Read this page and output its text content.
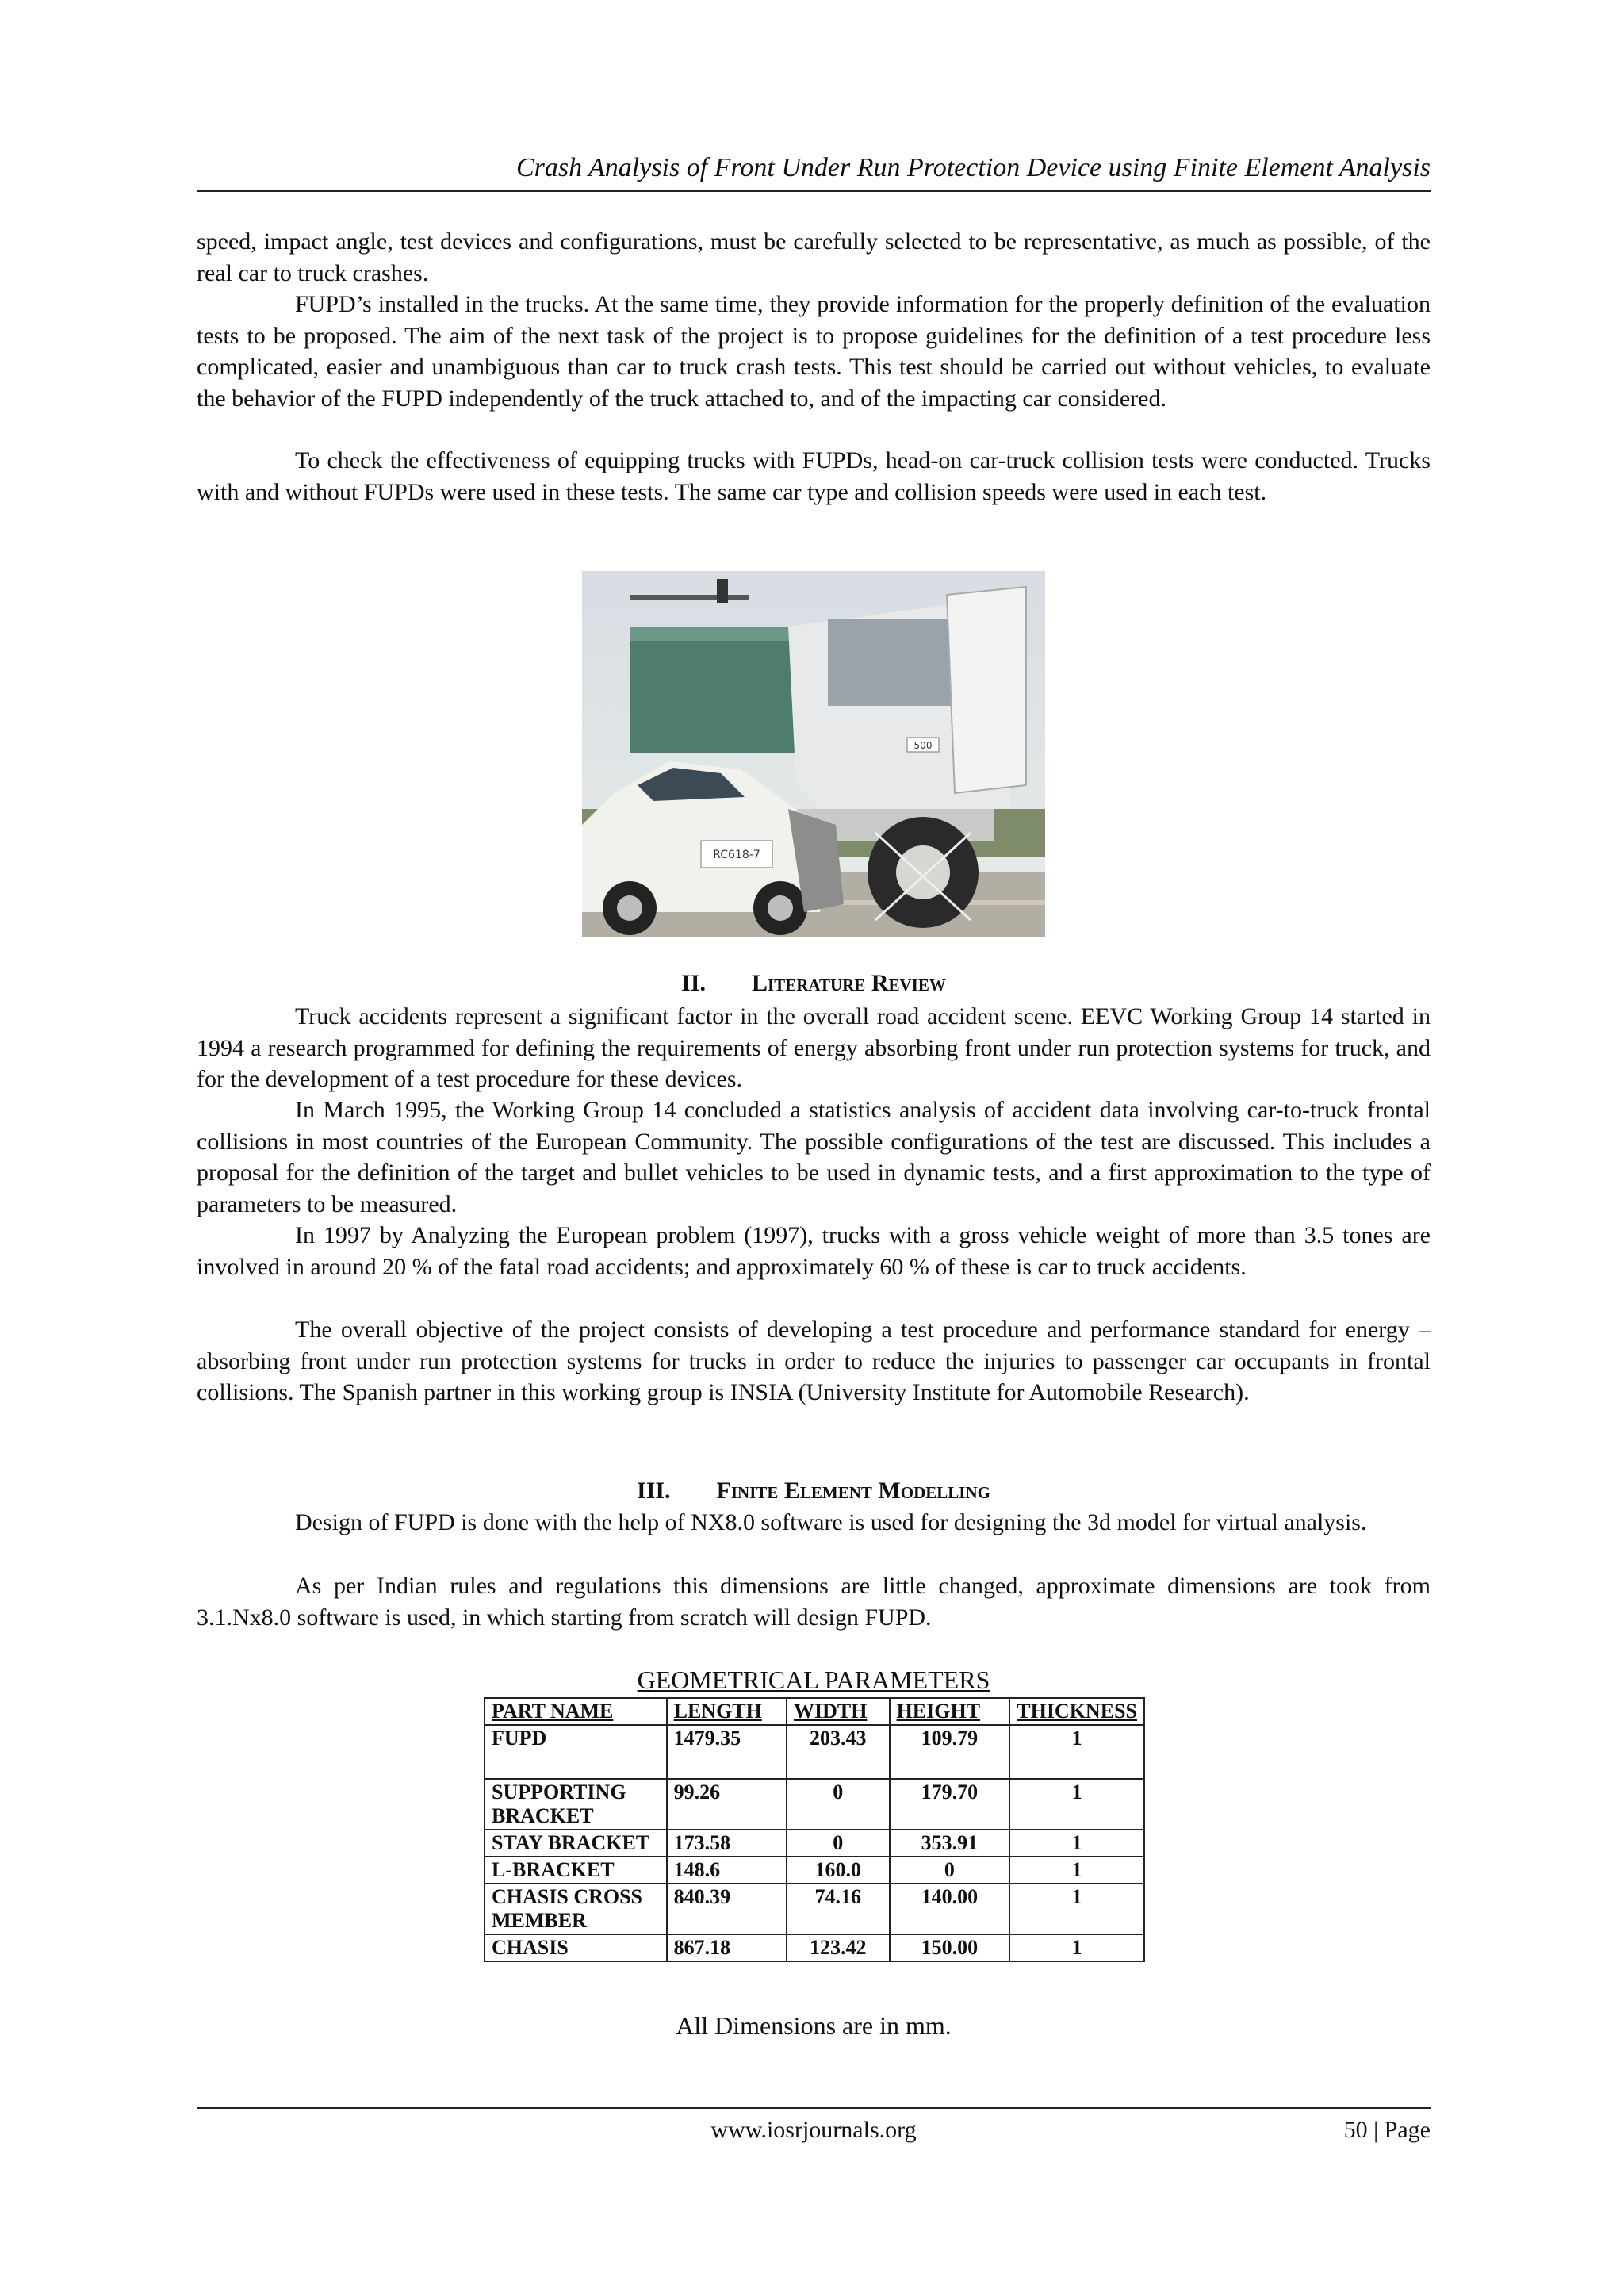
Crash Analysis of Front Under Run Protection Device using Finite Element Analysis

speed, impact angle, test devices and configurations, must be carefully selected to be representative, as much as possible, of the real car to truck crashes.

FUPD’s installed in the trucks. At the same time, they provide information for the properly definition of the evaluation tests to be proposed. The aim of the next task of the project is to propose guidelines for the definition of a test procedure less complicated, easier and unambiguous than car to truck crash tests. This test should be carried out without vehicles, to evaluate the behavior of the FUPD independently of the truck attached to, and of the impacting car considered.

To check the effectiveness of equipping trucks with FUPDs, head-on car-truck collision tests were conducted. Trucks with and without FUPDs were used in these tests. The same car type and collision speeds were used in each test.

500
RC618-7
II. Literature Review

Truck accidents represent a significant factor in the overall road accident scene. EEVC Working Group 14 started in 1994 a research programmed for defining the requirements of energy absorbing front under run protection systems for truck, and for the development of a test procedure for these devices.

In March 1995, the Working Group 14 concluded a statistics analysis of accident data involving car-to-truck frontal collisions in most countries of the European Community. The possible configurations of the test are discussed. This includes a proposal for the definition of the target and bullet vehicles to be used in dynamic tests, and a first approximation to the type of parameters to be measured.

In 1997 by Analyzing the European problem (1997), trucks with a gross vehicle weight of more than 3.5 tones are involved in around 20 % of the fatal road accidents; and approximately 60 % of these is car to truck accidents.

The overall objective of the project consists of developing a test procedure and performance standard for energy – absorbing front under run protection systems for trucks in order to reduce the injuries to passenger car occupants in frontal collisions. The Spanish partner in this working group is INSIA (University Institute for Automobile Research).

III. Finite Element Modelling

Design of FUPD is done with the help of NX8.0 software is used for designing the 3d model for virtual analysis.

As per Indian rules and regulations this dimensions are little changed, approximate dimensions are took from 3.1.Nx8.0 software is used, in which starting from scratch will design FUPD.

GEOMETRICAL PARAMETERS
PART NAME	LENGTH	WIDTH	HEIGHT	THICKNESS
FUPD	1479.35	203.43	109.79	1
SUPPORTING BRACKET	99.26	0	179.70	1
STAY BRACKET	173.58	0	353.91	1
L-BRACKET	148.6	160.0	0	1
CHASIS CROSS MEMBER	840.39	74.16	140.00	1
CHASIS	867.18	123.42	150.00	1
All Dimensions are in mm.
www.iosrjournals.org	50 | Page
